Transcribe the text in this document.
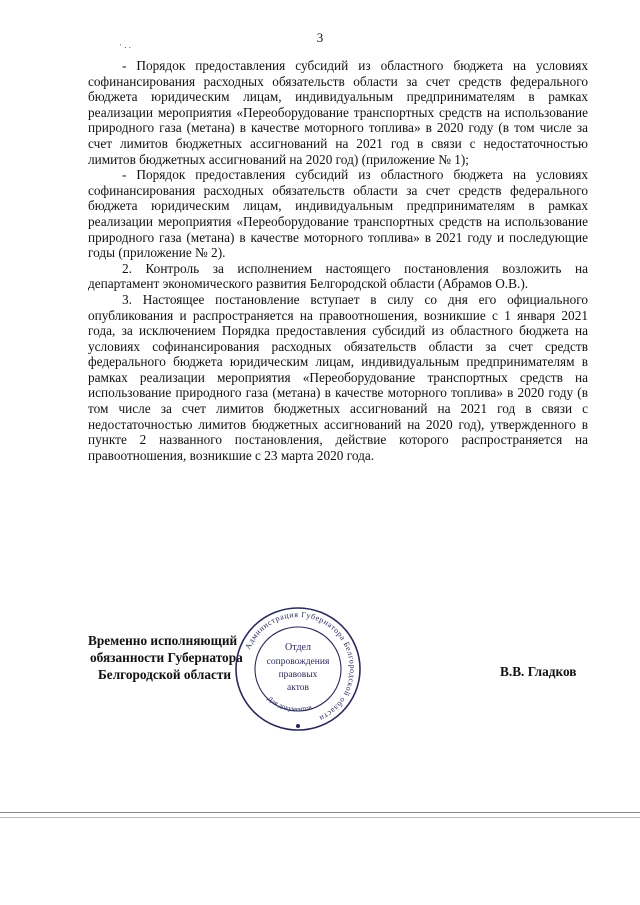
3
· . .

- Порядок предоставления субсидий из областного бюджета на условиях софинансирования расходных обязательств области за счет средств федерального бюджета юридическим лицам, индивидуальным предпринимателям в рамках реализации мероприятия «Переоборудование транспортных средств на использование природного газа (метана) в качестве моторного топлива» в 2020 году (в том числе за счет лимитов бюджетных ассигнований на 2021 год в связи с недостаточностью лимитов бюджетных ассигнований на 2020 год) (приложение № 1);

- Порядок предоставления субсидий из областного бюджета на условиях софинансирования расходных обязательств области за счет средств федерального бюджета юридическим лицам, индивидуальным предпринимателям в рамках реализации мероприятия «Переоборудование транспортных средств на использование природного газа (метана) в качестве моторного топлива» в 2021 году и последующие годы (приложение № 2).

2. Контроль за исполнением настоящего постановления возложить на департамент экономического развития Белгородской области (Абрамов О.В.).

3. Настоящее постановление вступает в силу со дня его официального опубликования и распространяется на правоотношения, возникшие с 1 января 2021 года, за исключением Порядка предоставления субсидий из областного бюджета на условиях софинансирования расходных обязательств области за счет средств федерального бюджета юридическим лицам, индивидуальным предпринимателям в рамках реализации мероприятия «Переоборудование транспортных средств на использование природного газа (метана) в качестве моторного топлива» в 2020 году (в том числе за счет лимитов бюджетных ассигнований на 2021 год в связи с недостаточностью лимитов бюджетных ассигнований на 2020 год), утвержденного в пункте 2 названного постановления, действие которого распространяется на правоотношения, возникшие с 23 марта 2020 года.

Временно исполняющий
обязанности Губернатора
Белгородской области
Администрация Губернатора Белгородской области
Для документов
Отдел
сопровождения
правовых
актов
В.В. Гладков
